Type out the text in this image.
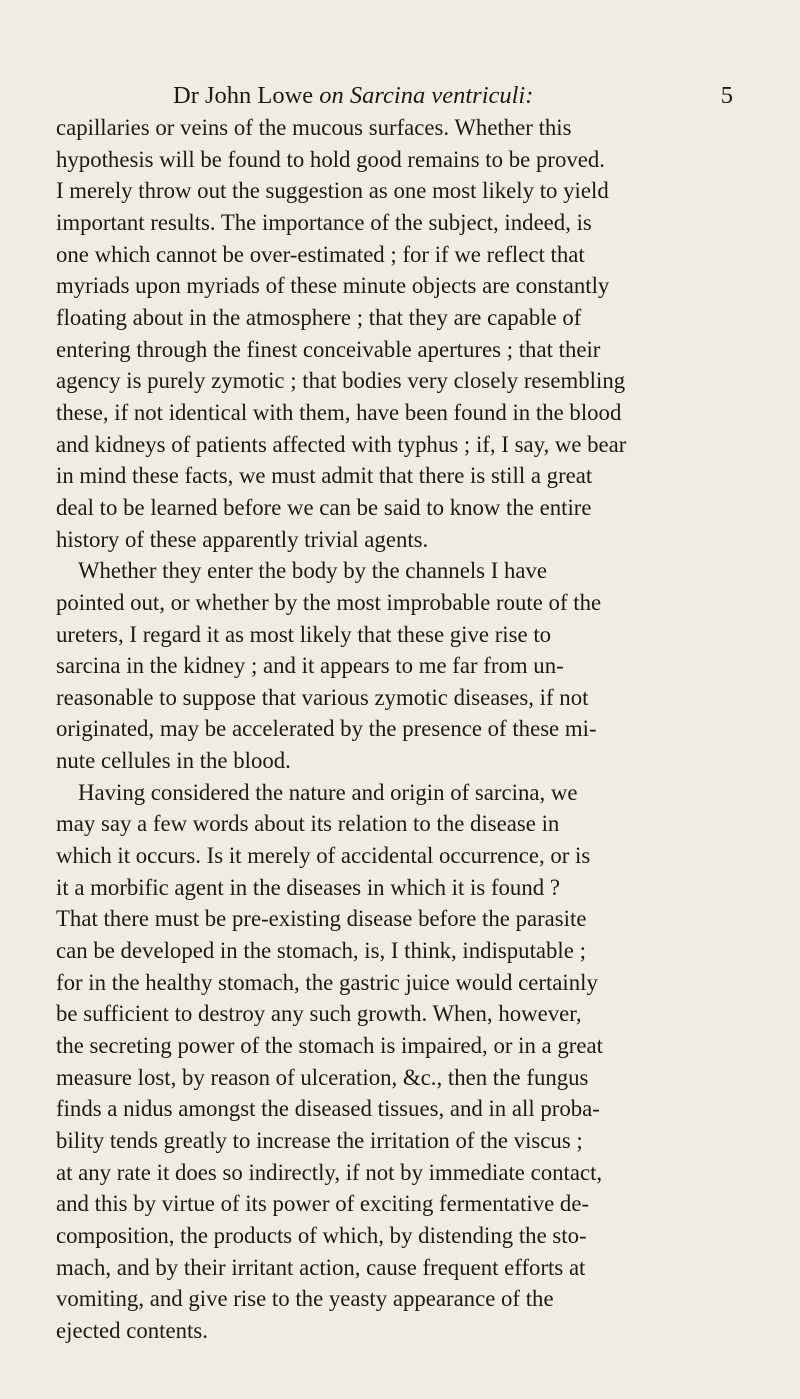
Dr John Lowe on Sarcina ventriculi:	5

capillaries or veins of the mucous surfaces. Whether this
hypothesis will be found to hold good remains to be proved.
I merely throw out the suggestion as one most likely to yield
important results. The importance of the subject, indeed, is
one which cannot be over-estimated ; for if we reflect that
myriads upon myriads of these minute objects are constantly
floating about in the atmosphere ; that they are capable of
entering through the finest conceivable apertures ; that their
agency is purely zymotic ; that bodies very closely resembling
these, if not identical with them, have been found in the blood
and kidneys of patients affected with typhus ; if, I say, we bear
in mind these facts, we must admit that there is still a great
deal to be learned before we can be said to know the entire
history of these apparently trivial agents.

Whether they enter the body by the channels I have
pointed out, or whether by the most improbable route of the
ureters, I regard it as most likely that these give rise to
sarcina in the kidney ; and it appears to me far from un-
reasonable to suppose that various zymotic diseases, if not
originated, may be accelerated by the presence of these mi-
nute cellules in the blood.

Having considered the nature and origin of sarcina, we
may say a few words about its relation to the disease in
which it occurs. Is it merely of accidental occurrence, or is
it a morbific agent in the diseases in which it is found ?
That there must be pre-existing disease before the parasite
can be developed in the stomach, is, I think, indisputable ;
for in the healthy stomach, the gastric juice would certainly
be sufficient to destroy any such growth. When, however,
the secreting power of the stomach is impaired, or in a great
measure lost, by reason of ulceration, &c., then the fungus
finds a nidus amongst the diseased tissues, and in all proba-
bility tends greatly to increase the irritation of the viscus ;
at any rate it does so indirectly, if not by immediate contact,
and this by virtue of its power of exciting fermentative de-
composition, the products of which, by distending the sto-
mach, and by their irritant action, cause frequent efforts at
vomiting, and give rise to the yeasty appearance of the
ejected contents.
